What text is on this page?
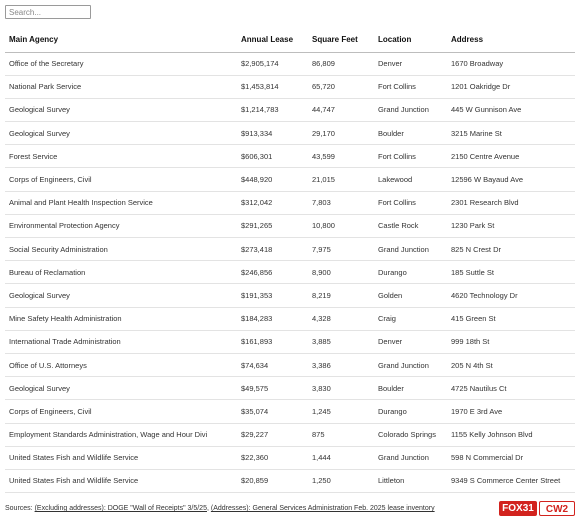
Search...
Main Agency	Annual Lease	Square Feet	Location	Address
Office of the Secretary	$2,905,174	86,809	Denver	1670 Broadway
National Park Service	$1,453,814	65,720	Fort Collins	1201 Oakridge Dr
Geological Survey	$1,214,783	44,747	Grand Junction	445 W Gunnison Ave
Geological Survey	$913,334	29,170	Boulder	3215 Marine St
Forest Service	$606,301	43,599	Fort Collins	2150 Centre Avenue
Corps of Engineers, Civil	$448,920	21,015	Lakewood	12596 W Bayaud Ave
Animal and Plant Health Inspection Service	$312,042	7,803	Fort Collins	2301 Research Blvd
Environmental Protection Agency	$291,265	10,800	Castle Rock	1230 Park St
Social Security Administration	$273,418	7,975	Grand Junction	825 N Crest Dr
Bureau of Reclamation	$246,856	8,900	Durango	185 Suttle St
Geological Survey	$191,353	8,219	Golden	4620 Technology Dr
Mine Safety Health Administration	$184,283	4,328	Craig	415 Green St
International Trade Administration	$161,893	3,885	Denver	999 18th St
Office of U.S. Attorneys	$74,634	3,386	Grand Junction	205 N 4th St
Geological Survey	$49,575	3,830	Boulder	4725 Nautilus Ct
Corps of Engineers, Civil	$35,074	1,245	Durango	1970 E 3rd Ave
Employment Standards Administration, Wage and Hour Divi	$29,227	875	Colorado Springs	1155 Kelly Johnson Blvd
United States Fish and Wildlife Service	$22,360	1,444	Grand Junction	598 N Commercial Dr
United States Fish and Wildlife Service	$20,859	1,250	Littleton	9349 S Commerce Center Street
Sources: (Excluding addresses): DOGE "Wall of Receipts" 3/5/25, (Addresses): General Services Administration Feb. 2025 lease inventory	FOX31	CW2
